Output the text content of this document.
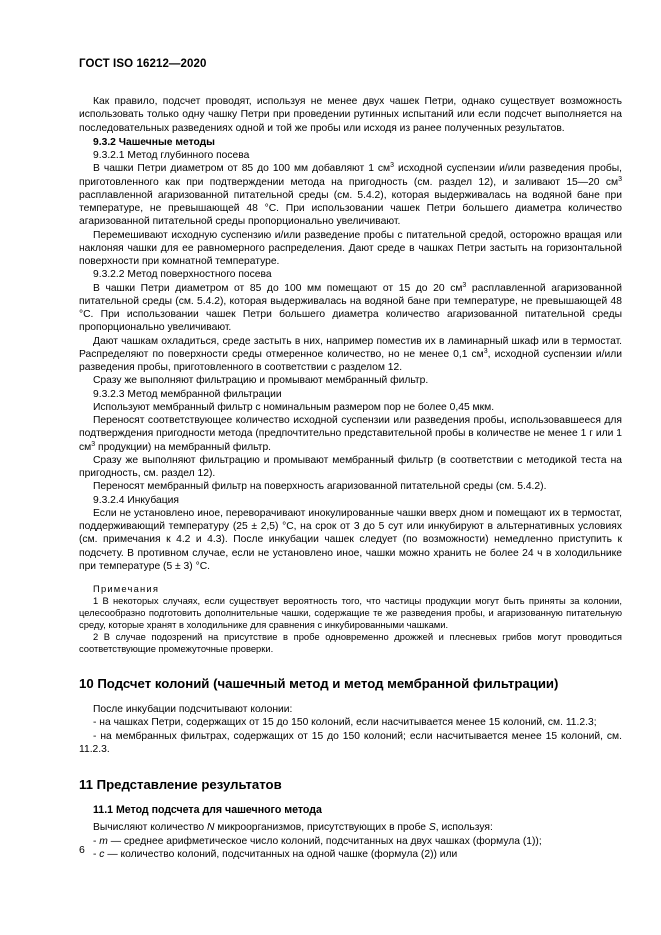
ГОСТ ISO 16212—2020

Как правило, подсчет проводят, используя не менее двух чашек Петри, однако существует возможность использовать только одну чашку Петри при проведении рутинных испытаний или если подсчет выполняется на последовательных разведениях одной и той же пробы или исходя из ранее полученных результатов.

9.3.2 Чашечные методы

9.3.2.1 Метод глубинного посева

В чашки Петри диаметром от 85 до 100 мм добавляют 1 $см^3$ исходной суспензии и/или разведения пробы, приготовленного как при подтверждении метода на пригодность (см. раздел 12), и заливают 15—20 $см^3$ расплавленной агаризованной питательной среды (см. 5.4.2), которая выдерживалась на водяной бане при температуре, не превышающей 48 °C. При использовании чашек Петри большего диаметра количество агаризованной питательной среды пропорционально увеличивают.

Перемешивают исходную суспензию и/или разведение пробы с питательной средой, осторожно вращая или наклоняя чашки для ее равномерного распределения. Дают среде в чашках Петри застыть на горизонтальной поверхности при комнатной температуре.

9.3.2.2 Метод поверхностного посева

В чашки Петри диаметром от 85 до 100 мм помещают от 15 до 20 $см^3$ расплавленной агаризованной питательной среды (см. 5.4.2), которая выдерживалась на водяной бане при температуре, не превышающей 48 °C. При использовании чашек Петри большего диаметра количество агаризованной питательной среды пропорционально увеличивают.

Дают чашкам охладиться, среде застыть в них, например поместив их в ламинарный шкаф или в термостат. Распределяют по поверхности среды отмеренное количество, но не менее 0,1 $см^3$, исходной суспензии и/или разведения пробы, приготовленного в соответствии с разделом 12.

Сразу же выполняют фильтрацию и промывают мембранный фильтр.

9.3.2.3 Метод мембранной фильтрации

Используют мембранный фильтр с номинальным размером пор не более 0,45 мкм.

Переносят соответствующее количество исходной суспензии или разведения пробы, использовавшееся для подтверждения пригодности метода (предпочтительно представительной пробы в количестве не менее 1 г или 1 $см^3$ продукции) на мембранный фильтр.

Сразу же выполняют фильтрацию и промывают мембранный фильтр (в соответствии с методикой теста на пригодность, см. раздел 12).

Переносят мембранный фильтр на поверхность агаризованной питательной среды (см. 5.4.2).

9.3.2.4 Инкубация

Если не установлено иное, переворачивают инокулированные чашки вверх дном и помещают их в термостат, поддерживающий температуру (25 ± 2,5) °C, на срок от 3 до 5 сут или инкубируют в альтернативных условиях (см. примечания к 4.2 и 4.3). После инкубации чашек следует (по возможности) немедленно приступить к подсчету. В противном случае, если не установлено иное, чашки можно хранить не более 24 ч в холодильнике при температуре (5 ± 3) °C.

Примечания

1 В некоторых случаях, если существует вероятность того, что частицы продукции могут быть приняты за колонии, целесообразно подготовить дополнительные чашки, содержащие те же разведения пробы, и агаризованную питательную среду, которые хранят в холодильнике для сравнения с инкубированными чашками.

2 В случае подозрений на присутствие в пробе одновременно дрожжей и плесневых грибов могут проводиться соответствующие промежуточные проверки.

10 Подсчет колоний (чашечный метод и метод мембранной фильтрации)

После инкубации подсчитывают колонии:

- на чашках Петри, содержащих от 15 до 150 колоний, если насчитывается менее 15 колоний, см. 11.2.3;

- на мембранных фильтрах, содержащих от 15 до 150 колоний; если насчитывается менее 15 колоний, см. 11.2.3.

11 Представление результатов

11.1 Метод подсчета для чашечного метода

Вычисляют количество N микроорганизмов, присутствующих в пробе S, используя:

- m — среднее арифметическое число колоний, подсчитанных на двух чашках (формула (1));

- c — количество колоний, подсчитанных на одной чашке (формула (2)) или

6
